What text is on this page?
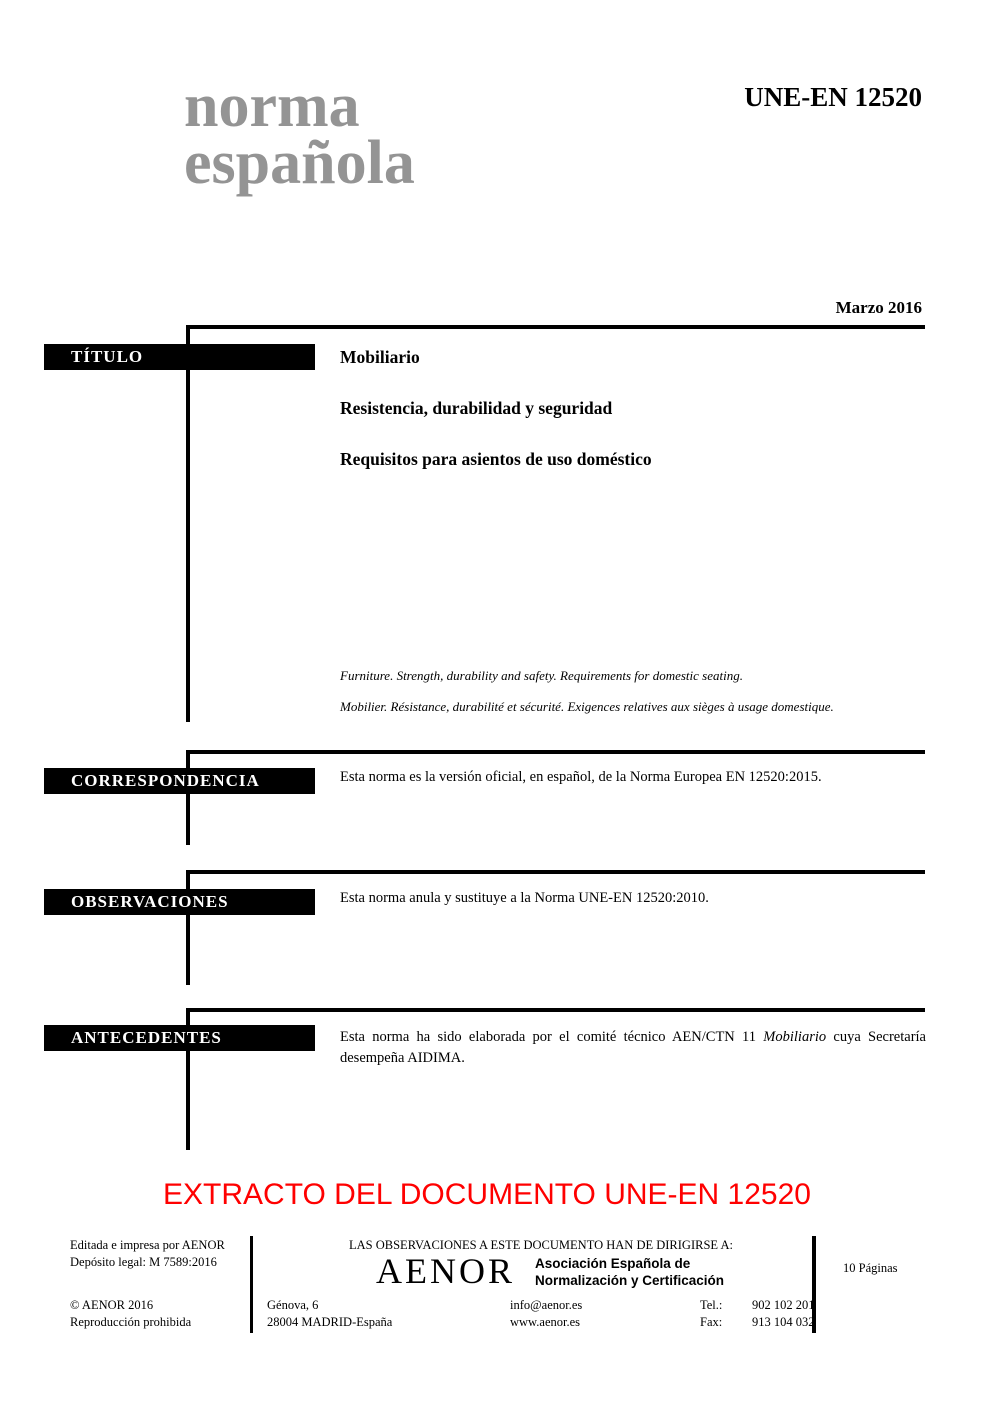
norma
española
UNE-EN 12520
Marzo 2016
TÍTULO	Mobiliario
Resistencia, durabilidad y seguridad
Requisitos para asientos de uso doméstico
Furniture. Strength, durability and safety. Requirements for domestic seating.
Mobilier. Résistance, durabilité et sécurité. Exigences relatives aux sièges à usage domestique.
CORRESPONDENCIA	Esta norma es la versión oficial, en español, de la Norma Europea EN 12520:2015.
OBSERVACIONES	Esta norma anula y sustituye a la Norma UNE-EN 12520:2010.
ANTECEDENTES	Esta norma ha sido elaborada por el comité técnico AEN/CTN 11 Mobiliario cuya Secretaría desempeña AIDIMA.
EXTRACTO DEL DOCUMENTO UNE-EN 12520
Editada e impresa por AENOR
Depósito legal: M 7589:2016
© AENOR 2016
Reproducción prohibida
LAS OBSERVACIONES A ESTE DOCUMENTO HAN DE DIRIGIRSE A:
AENOR Asociación Española de
Normalización y Certificación
Génova, 6
28004 MADRID-España
info@aenor.es
www.aenor.es
Tel.:	902 102 201
Fax:	913 104 032
10 Páginas
